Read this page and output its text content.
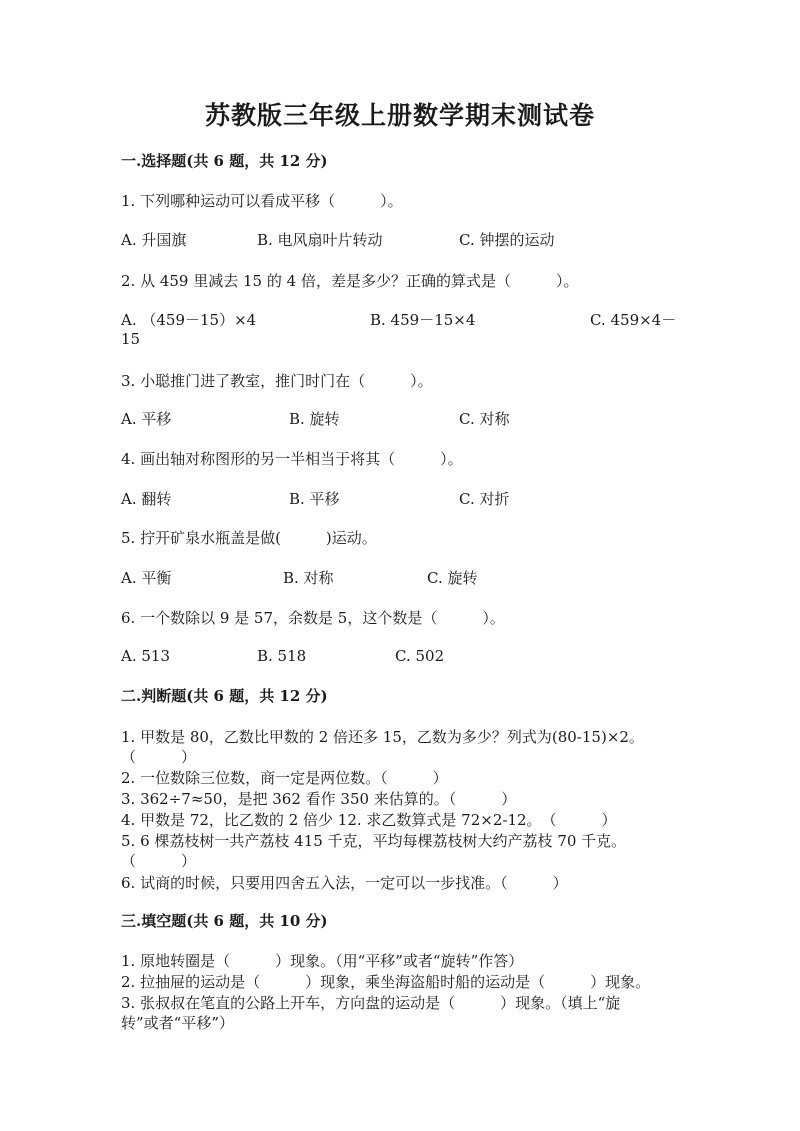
苏教版三年级上册数学期末测试卷
一.选择题(共 6 题，共 12 分)
1. 下列哪种运动可以看成平移（　　　）。
A. 升国旗	B. 电风扇叶片转动	C. 钟摆的运动
2. 从 459 里减去 15 的 4 倍，差是多少？正确的算式是（　　　）。
A. （459－15）×4	B. 459－15×4	C. 459×4－
15
3. 小聪推门进了教室，推门时门在（　　　）。
A. 平移	B. 旋转	C. 对称
4. 画出轴对称图形的另一半相当于将其（　　　）。
A. 翻转	B. 平移	C. 对折
5. 拧开矿泉水瓶盖是做(　　　)运动。
A. 平衡	B. 对称	C. 旋转
6. 一个数除以 9 是 57，余数是 5，这个数是（　　　）。
A. 513	B. 518	C. 502
二.判断题(共 6 题，共 12 分)
1. 甲数是 80，乙数比甲数的 2 倍还多 15，乙数为多少？列式为(80-15)×2。
（　　　）
2. 一位数除三位数，商一定是两位数。（　　　）
3. 362÷7≈50，是把 362 看作 350 来估算的。（　　　）
4. 甲数是 72，比乙数的 2 倍少 12. 求乙数算式是 72×2-12。　（　　　）
5. 6 棵荔枝树一共产荔枝 415 千克，平均每棵荔枝树大约产荔枝 70 千克。
（　　　）
6. 试商的时候，只要用四舍五入法，一定可以一步找准。（　　　）
三.填空题(共 6 题，共 10 分)
1. 原地转圈是（　　　）现象。（用“平移”或者“旋转”作答）
2. 拉抽屉的运动是（　　　）现象，乘坐海盗船时船的运动是（　　　）现象。
3. 张叔叔在笔直的公路上开车，方向盘的运动是（　　　）现象。（填上“旋
转”或者“平移”）
